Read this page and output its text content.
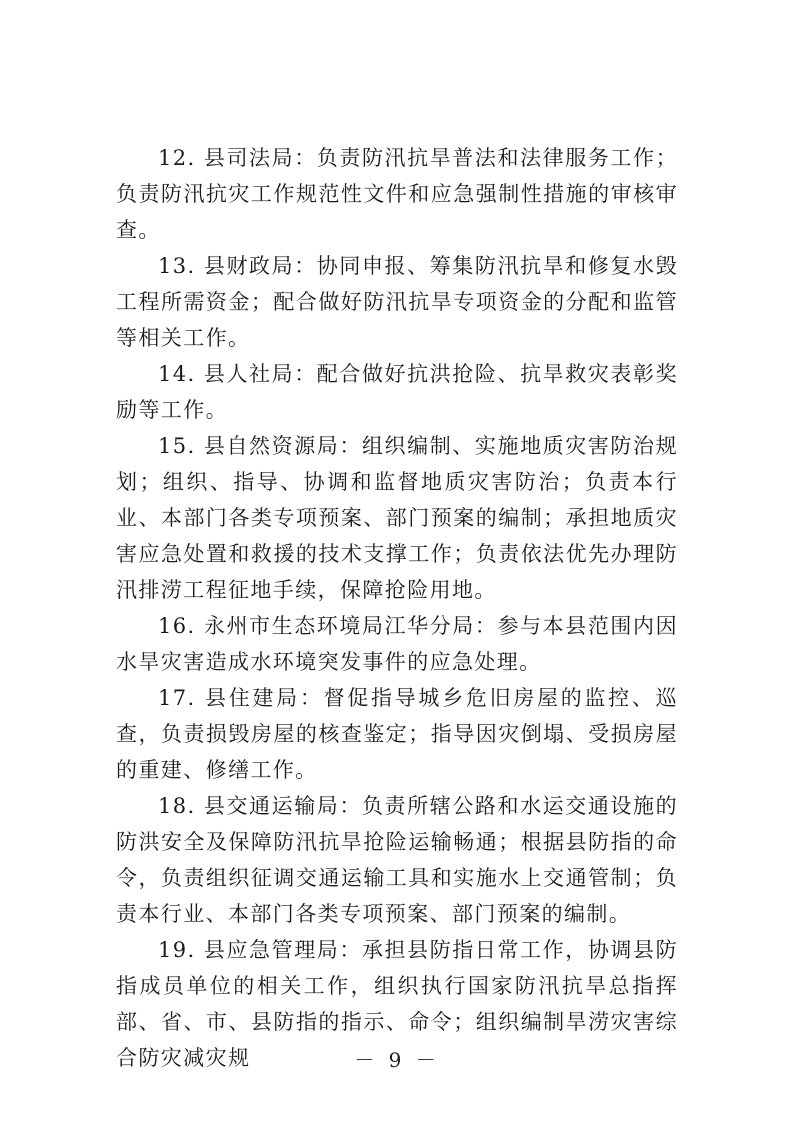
12. 县司法局：负责防汛抗旱普法和法律服务工作；负责防汛抗灾工作规范性文件和应急强制性措施的审核审查。

13. 县财政局：协同申报、筹集防汛抗旱和修复水毁工程所需资金；配合做好防汛抗旱专项资金的分配和监管等相关工作。

14. 县人社局：配合做好抗洪抢险、抗旱救灾表彰奖励等工作。

15. 县自然资源局：组织编制、实施地质灾害防治规划；组织、指导、协调和监督地质灾害防治；负责本行业、本部门各类专项预案、部门预案的编制；承担地质灾害应急处置和救援的技术支撑工作；负责依法优先办理防汛排涝工程征地手续，保障抢险用地。

16. 永州市生态环境局江华分局：参与本县范围内因水旱灾害造成水环境突发事件的应急处理。

17. 县住建局：督促指导城乡危旧房屋的监控、巡查，负责损毁房屋的核查鉴定；指导因灾倒塌、受损房屋的重建、修缮工作。

18. 县交通运输局：负责所辖公路和水运交通设施的防洪安全及保障防汛抗旱抢险运输畅通；根据县防指的命令，负责组织征调交通运输工具和实施水上交通管制；负责本行业、本部门各类专项预案、部门预案的编制。

19. 县应急管理局：承担县防指日常工作，协调县防指成员单位的相关工作，组织执行国家防汛抗旱总指挥部、省、市、县防指的指示、命令；组织编制旱涝灾害综合防灾减灾规	－ 9 －
